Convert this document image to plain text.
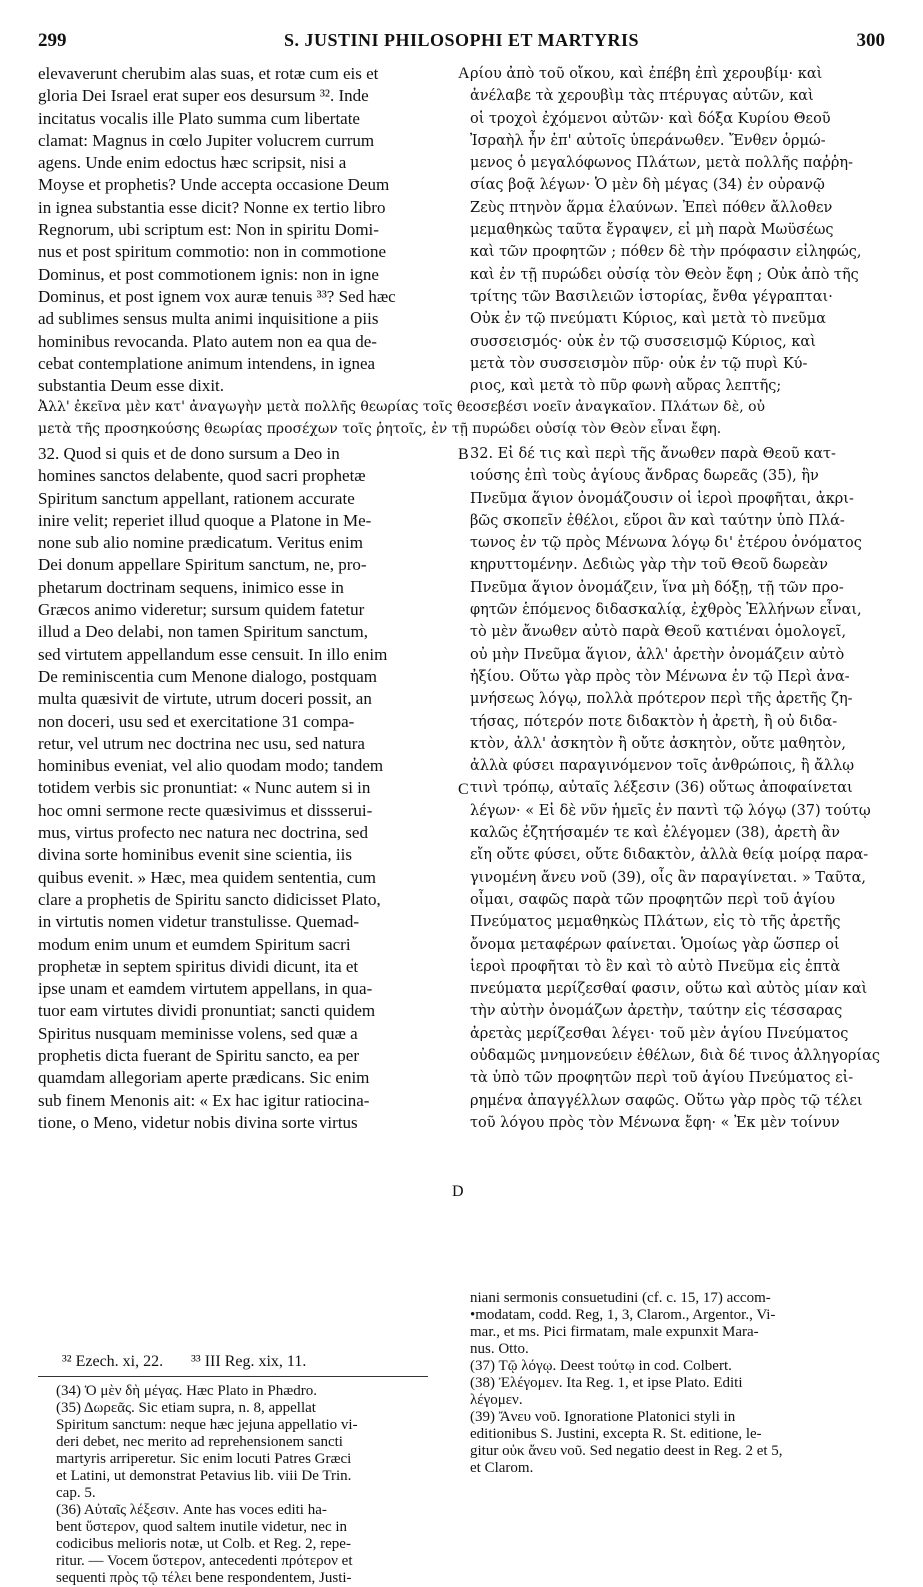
299	S. JUSTINI PHILOSOPHI ET MARTYRIS	300
elevaverunt cherubim alas suas, et rotæ cum eis et
gloria Dei Israel erat super eos desursum ³². Inde
incitatus vocalis ille Plato summa cum libertate
clamat: Magnus in cœlo Jupiter volucrem currum
agens. Unde enim edoctus hæc scripsit, nisi a
Moyse et prophetis? Unde accepta occasione Deum
in ignea substantia esse dicit? Nonne ex tertio libro
Regnorum, ubi scriptum est: Non in spiritu Domi-
nus et post spiritum commotio: non in commotione
Dominus, et post commotionem ignis: non in igne
Dominus, et post ignem vox auræ tenuis ³³? Sed hæc
ad sublimes sensus multa animi inquisitione a piis
hominibus revocanda. Plato autem non ea qua de-
cebat contemplatione animum intendens, in ignea
substantia Deum esse dixit.
ρίου ἀπὸ τοῦ οἴκου, καὶ ἐπέβη ἐπὶ χερουβίμ· καὶ
ἀνέλαβε τὰ χερουβὶμ τὰς πτέρυγας αὐτῶν, καὶ
οἱ τροχοὶ ἐχόμενοι αὐτῶν· καὶ δόξα Κυρίου Θεοῦ
Ἰσραὴλ ἦν ἐπ' αὐτοῖς ὑπεράνωθεν. Ἔνθεν ὁρμώ-
μενος ὁ μεγαλόφωνος Πλάτων, μετὰ πολλῆς παῤῥη-
σίας βοᾷ λέγων· Ὁ μὲν δὴ μέγας (34) ἐν οὐρανῷ
Ζεὺς πτηνὸν ἅρμα ἐλαύνων. Ἐπεὶ πόθεν ἄλλοθεν
μεμαθηκὼς ταῦτα ἔγραψεν, εἰ μὴ παρὰ Μωϋσέως
καὶ τῶν προφητῶν ; πόθεν δὲ τὴν πρόφασιν εἰληφώς,
καὶ ἐν τῇ πυρώδει οὐσίᾳ τὸν Θεὸν ἔφη ; Οὐκ ἀπὸ τῆς
τρίτης τῶν Βασιλειῶν ἱστορίας, ἔνθα γέγραπται·
Οὐκ ἐν τῷ πνεύματι Κύριος, καὶ μετὰ τὸ πνεῦμα
συσσεισμός· οὐκ ἐν τῷ συσσεισμῷ Κύριος, καὶ
μετὰ τὸν συσσεισμὸν πῦρ· οὐκ ἐν τῷ πυρὶ Κύ-
ριος, καὶ μετὰ τὸ πῦρ φωνὴ αὔρας λεπτῆς;
A
Ἀλλ' ἐκεῖνα μὲν κατ' ἀναγωγὴν μετὰ πολλῆς θεωρίας τοῖς θεοσεβέσι νοεῖν ἀναγκαῖον. Πλάτων δὲ, οὐ
μετὰ τῆς προσηκούσης θεωρίας προσέχων τοῖς ῥητοῖς, ἐν τῇ πυρώδει οὐσίᾳ τὸν Θεὸν εἶναι ἔφη.
32. Quod si quis et de dono sursum a Deo in
homines sanctos delabente, quod sacri prophetæ
Spiritum sanctum appellant, rationem accurate
inire velit; reperiet illud quoque a Platone in Me-
none sub alio nomine prædicatum. Veritus enim
Dei donum appellare Spiritum sanctum, ne, pro-
phetarum doctrinam sequens, inimico esse in
Græcos animo videretur; sursum quidem fatetur
illud a Deo delabi, non tamen Spiritum sanctum,
sed virtutem appellandum esse censuit. In illo enim
De reminiscentia cum Menone dialogo, postquam
multa quæsivit de virtute, utrum doceri possit, an
non doceri, usu sed et exercitatione 31 compa-
retur, vel utrum nec doctrina nec usu, sed natura
hominibus eveniat, vel alio quodam modo; tandem
totidem verbis sic pronuntiat: « Nunc autem si in
hoc omni sermone recte quæsivimus et dissserui-
mus, virtus profecto nec natura nec doctrina, sed
divina sorte hominibus evenit sine scientia, iis
quibus evenit. » Hæc, mea quidem sententia, cum
clare a prophetis de Spiritu sancto didicisset Plato,
in virtutis nomen videtur transtulisse. Quemad-
modum enim unum et eumdem Spiritum sacri
prophetæ in septem spiritus dividi dicunt, ita et
ipse unam et eamdem virtutem appellans, in qua-
tuor eam virtutes dividi pronuntiat; sancti quidem
Spiritus nusquam meminisse volens, sed quæ a
prophetis dicta fuerant de Spiritu sancto, ea per
quamdam allegoriam aperte prædicans. Sic enim
sub finem Menonis ait: « Ex hac igitur ratiocina-
tione, o Meno, videtur nobis divina sorte virtus
32. Εἰ δέ τις καὶ περὶ τῆς ἄνωθεν παρὰ Θεοῦ κατ-
ιούσης ἐπὶ τοὺς ἁγίους ἄνδρας δωρεᾶς (35), ἣν
Πνεῦμα ἅγιον ὀνομάζουσιν οἱ ἱεροὶ προφῆται, ἀκρι-
βῶς σκοπεῖν ἐθέλοι, εὕροι ἂν καὶ ταύτην ὑπὸ Πλά-
τωνος ἐν τῷ πρὸς Μένωνα λόγῳ δι' ἑτέρου ὀνόματος
κηρυττομένην. Δεδιὼς γὰρ τὴν τοῦ Θεοῦ δωρεὰν
Πνεῦμα ἅγιον ὀνομάζειν, ἵνα μὴ δόξῃ, τῇ τῶν προ-
φητῶν ἑπόμενος διδασκαλίᾳ, ἐχθρὸς Ἑλλήνων εἶναι,
τὸ μὲν ἄνωθεν αὐτὸ παρὰ Θεοῦ κατιέναι ὁμολογεῖ,
οὐ μὴν Πνεῦμα ἅγιον, ἀλλ' ἀρετὴν ὀνομάζειν αὐτὸ
ἠξίου. Οὕτω γὰρ πρὸς τὸν Μένωνα ἐν τῷ Περὶ ἀνα-
μνήσεως λόγῳ, πολλὰ πρότερον περὶ τῆς ἀρετῆς ζη-
τήσας, πότερόν ποτε διδακτὸν ἡ ἀρετὴ, ἢ οὐ διδα-
κτὸν, ἀλλ' ἀσκητὸν ἢ οὔτε ἀσκητὸν, οὔτε μαθητὸν,
ἀλλὰ φύσει παραγινόμενον τοῖς ἀνθρώποις, ἢ ἄλλῳ
τινὶ τρόπῳ, αὐταῖς λέξεσιν (36) οὕτως ἀποφαίνεται
λέγων· « Εἰ δὲ νῦν ἡμεῖς ἐν παντὶ τῷ λόγῳ (37) τούτῳ
καλῶς ἐζητήσαμέν τε καὶ ἐλέγομεν (38), ἀρετὴ ἂν
εἴη οὔτε φύσει, οὔτε διδακτὸν, ἀλλὰ θείᾳ μοίρᾳ παρα-
γινομένη ἄνευ νοῦ (39), οἷς ἂν παραγίνεται. » Ταῦτα,
οἶμαι, σαφῶς παρὰ τῶν προφητῶν περὶ τοῦ ἁγίου
Πνεύματος μεμαθηκὼς Πλάτων, εἰς τὸ τῆς ἀρετῆς
ὄνομα μεταφέρων φαίνεται. Ὁμοίως γὰρ ὥσπερ οἱ
ἱεροὶ προφῆται τὸ ἓν καὶ τὸ αὐτὸ Πνεῦμα εἰς ἑπτὰ
πνεύματα μερίζεσθαί φασιν, οὕτω καὶ αὐτὸς μίαν καὶ
τὴν αὐτὴν ὀνομάζων ἀρετὴν, ταύτην εἰς τέσσαρας
ἀρετὰς μερίζεσθαι λέγει· τοῦ μὲν ἁγίου Πνεύματος
οὐδαμῶς μνημονεύειν ἐθέλων, διὰ δέ τινος ἀλληγορίας
τὰ ὑπὸ τῶν προφητῶν περὶ τοῦ ἁγίου Πνεύματος εἰ-
ρημένα ἀπαγγέλλων σαφῶς. Οὕτω γὰρ πρὸς τῷ τέλει
τοῦ λόγου πρὸς τὸν Μένωνα ἔφη· « Ἐκ μὲν τοίνυν
B
C
D
³² Ezech. xi, 22. ³³ III Reg. xix, 11.
(34) Ὁ μὲν δὴ μέγας. Hæc Plato in Phædro.
(35) Δωρεᾶς. Sic etiam supra, n. 8, appellat
Spiritum sanctum: neque hæc jejuna appellatio vi-
deri debet, nec merito ad reprehensionem sancti
martyris arriperetur. Sic enim locuti Patres Græci
et Latini, ut demonstrat Petavius lib. viii De Trin.
cap. 5.
(36) Αὐταῖς λέξεσιν. Ante has voces editi ha-
bent ὕστερον, quod saltem inutile videtur, nec in
codicibus melioris notæ, ut Colb. et Reg. 2, repe-
ritur. — Vocem ὕστερον, antecedenti πρότερον et
sequenti πρὸς τῷ τέλει bene respondentem, Justi-
niani sermonis consuetudini (cf. c. 15, 17) accom-
•modatam, codd. Reg, 1, 3, Clarom., Argentor., Vi-
mar., et ms. Pici firmatam, male expunxit Mara-
nus. Otto.
(37) Τῷ λόγῳ. Deest τούτῳ in cod. Colbert.
(38) Ἐλέγομεν. Ita Reg. 1, et ipse Plato. Editi
λέγομεν.
(39) Ἄνευ νοῦ. Ignoratione Platonici styli in
editionibus S. Justini, excepta R. St. editione, le-
gitur οὐκ ἄνευ νοῦ. Sed negatio deest in Reg. 2 et 5,
et Clarom.
